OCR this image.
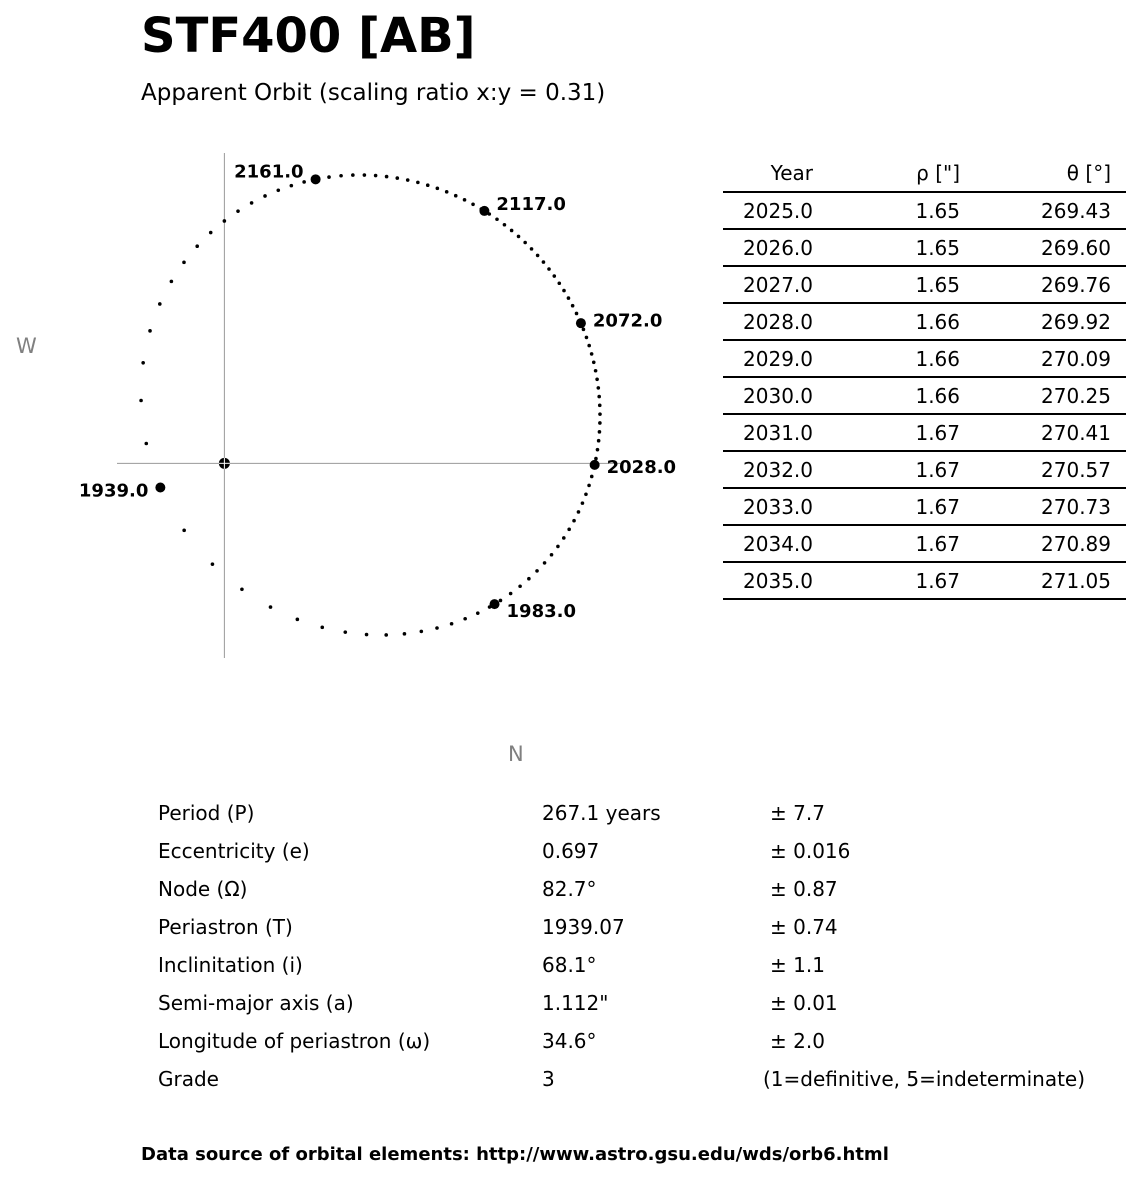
STF400 [AB]
Apparent Orbit (scaling ratio x:y = 0.31)
1939.0
1983.0
2028.0
2072.0
2117.0
2161.0
W
N
Year	ρ ["]	θ [°]	
2025.0	1.65	269.43	
2026.0	1.65	269.60	
2027.0	1.65	269.76	
2028.0	1.66	269.92	
2029.0	1.66	270.09	
2030.0	1.66	270.25	
2031.0	1.67	270.41	
2032.0	1.67	270.57	
2033.0	1.67	270.73	
2034.0	1.67	270.89	
2035.0	1.67	271.05	
Period (P)	267.1 years	± 7.7
Eccentricity (e)	0.697	± 0.016
Node (Ω)	82.7°	± 0.87
Periastron (T)	1939.07	± 0.74
Inclinitation (i)	68.1°	± 1.1
Semi-major axis (a)	1.112"	± 0.01
Longitude of periastron (ω)	34.6°	± 2.0
Grade	3	(1=definitive, 5=indeterminate)
Data source of orbital elements: http://www.astro.gsu.edu/wds/orb6.html
